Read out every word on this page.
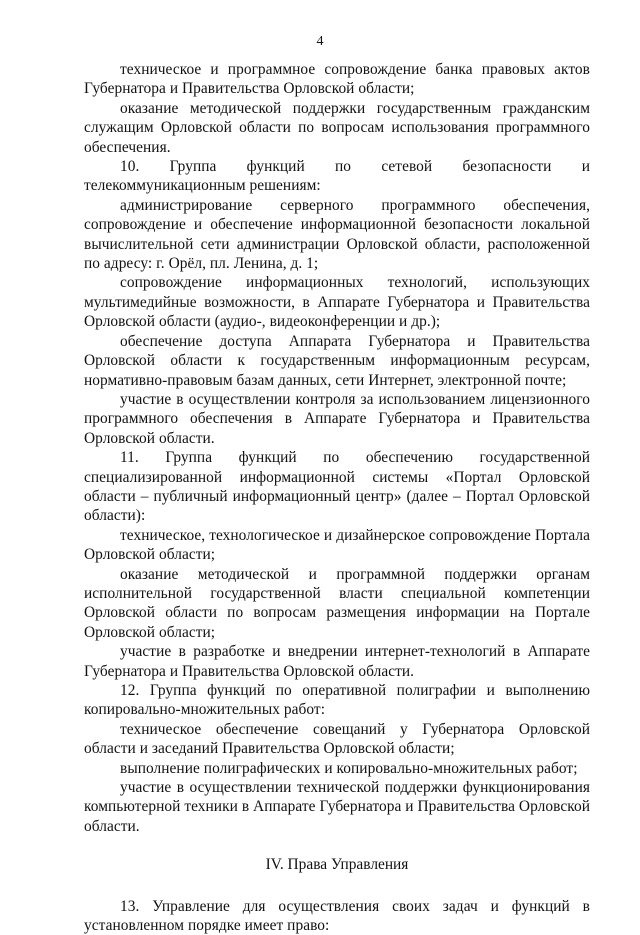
4

техническое и программное сопровождение банка правовых актов Губернатора и Правительства Орловской области;

оказание методической поддержки государственным гражданским служащим Орловской области по вопросам использования программного обеспечения.

10. Группа функций по сетевой безопасности и телекоммуникационным решениям:

администрирование серверного программного обеспечения, сопровождение и обеспечение информационной безопасности локальной вычислительной сети администрации Орловской области, расположенной по адресу: г. Орёл, пл. Ленина, д. 1;

сопровождение информационных технологий, использующих мультимедийные возможности, в Аппарате Губернатора и Правительства Орловской области (аудио-, видеоконференции и др.);

обеспечение доступа Аппарата Губернатора и Правительства Орловской области к государственным информационным ресурсам, нормативно-правовым базам данных, сети Интернет, электронной почте;

участие в осуществлении контроля за использованием лицензионного программного обеспечения в Аппарате Губернатора и Правительства Орловской области.

11. Группа функций по обеспечению государственной специализированной информационной системы «Портал Орловской области – публичный информационный центр» (далее – Портал Орловской области):

техническое, технологическое и дизайнерское сопровождение Портала Орловской области;

оказание методической и программной поддержки органам исполнительной государственной власти специальной компетенции Орловской области по вопросам размещения информации на Портале Орловской области;

участие в разработке и внедрении интернет-технологий в Аппарате Губернатора и Правительства Орловской области.

12. Группа функций по оперативной полиграфии и выполнению копировально-множительных работ:

техническое обеспечение совещаний у Губернатора Орловской области и заседаний Правительства Орловской области;

выполнение полиграфических и копировально-множительных работ;

участие в осуществлении технической поддержки функционирования компьютерной техники в Аппарате Губернатора и Правительства Орловской области.

IV. Права Управления

13. Управление для осуществления своих задач и функций в установленном порядке имеет право:
